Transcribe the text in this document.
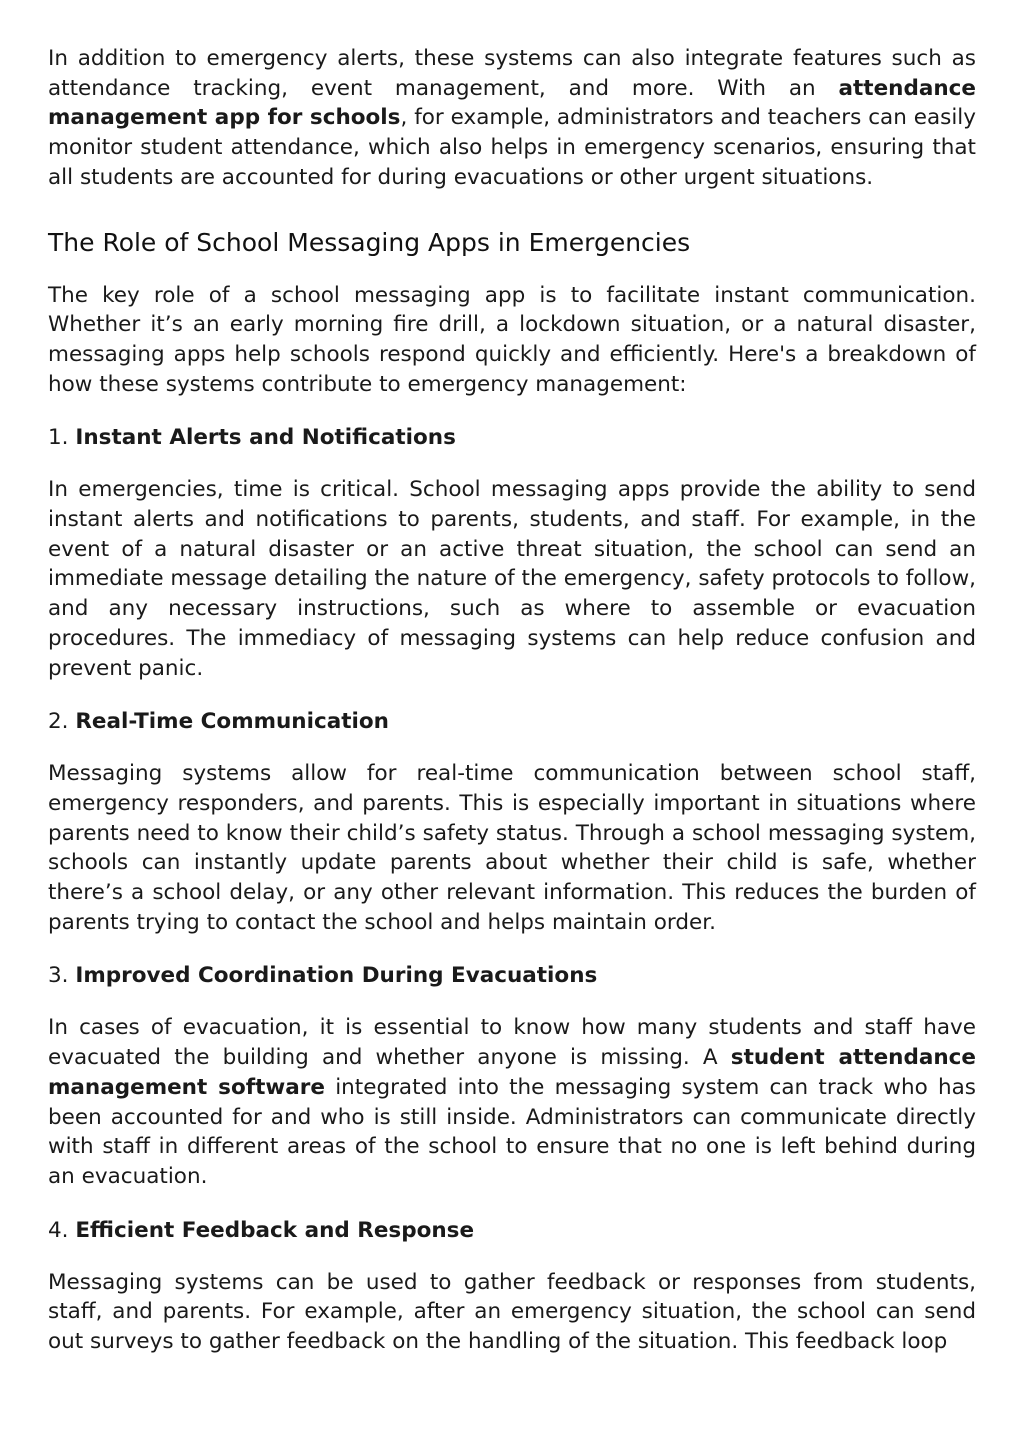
In addition to emergency alerts, these systems can also integrate features such as attendance tracking, event management, and more. With an attendance management app for schools, for example, administrators and teachers can easily monitor student attendance, which also helps in emergency scenarios, ensuring that all students are accounted for during evacuations or other urgent situations.

The Role of School Messaging Apps in Emergencies

The key role of a school messaging app is to facilitate instant communication. Whether it’s an early morning fire drill, a lockdown situation, or a natural disaster, messaging apps help schools respond quickly and efficiently. Here's a breakdown of how these systems contribute to emergency management:

1. Instant Alerts and Notifications

In emergencies, time is critical. School messaging apps provide the ability to send instant alerts and notifications to parents, students, and staff. For example, in the event of a natural disaster or an active threat situation, the school can send an immediate message detailing the nature of the emergency, safety protocols to follow, and any necessary instructions, such as where to assemble or evacuation procedures. The immediacy of messaging systems can help reduce confusion and prevent panic.

2. Real-Time Communication

Messaging systems allow for real-time communication between school staff, emergency responders, and parents. This is especially important in situations where parents need to know their child’s safety status. Through a school messaging system, schools can instantly update parents about whether their child is safe, whether there’s a school delay, or any other relevant information. This reduces the burden of parents trying to contact the school and helps maintain order.

3. Improved Coordination During Evacuations

In cases of evacuation, it is essential to know how many students and staff have evacuated the building and whether anyone is missing. A student attendance management software integrated into the messaging system can track who has been accounted for and who is still inside. Administrators can communicate directly with staff in different areas of the school to ensure that no one is left behind during an evacuation.

4. Efficient Feedback and Response

Messaging systems can be used to gather feedback or responses from students, staff, and parents. For example, after an emergency situation, the school can send out surveys to gather feedback on the handling of the situation. This feedback loop
